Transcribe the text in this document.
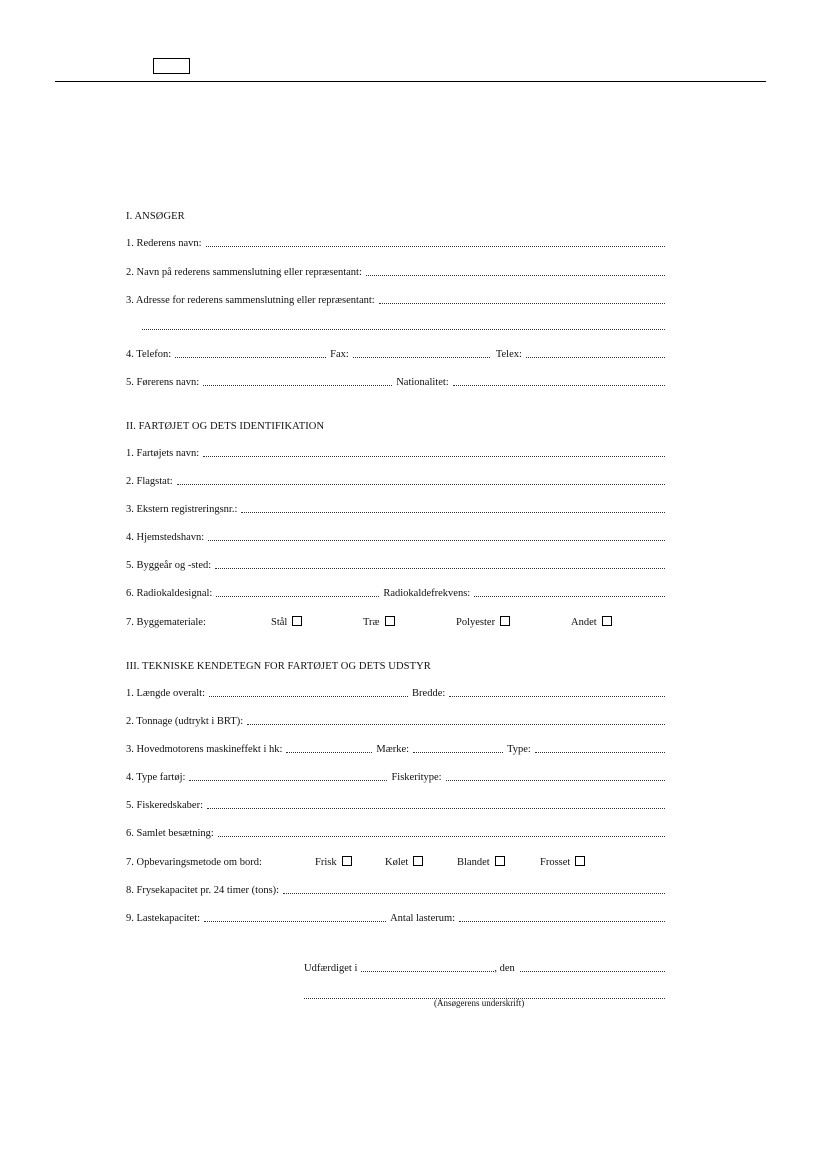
I. ANSØGER
1. Rederens navn:
2. Navn på rederens sammenslutning eller repræsentant:
3. Adresse for rederens sammenslutning eller repræsentant:
4. Telefon:	Fax:	Telex:
5. Førerens navn:	Nationalitet:
II. FARTØJET OG DETS IDENTIFIKATION
1. Fartøjets navn:
2. Flagstat:
3. Ekstern registreringsnr.:
4. Hjemstedshavn:
5. Byggeår og -sted:
6. Radiokaldesignal:	Radiokaldefrekvens:
7. Byggemateriale:	Stål	Træ	Polyester	Andet
III. TEKNISKE KENDETEGN FOR FARTØJET OG DETS UDSTYR
1. Længde overalt:	Bredde:
2. Tonnage (udtrykt i BRT):
3. Hovedmotorens maskineffekt i hk:	Mærke:	Type:
4. Type fartøj:	Fiskeritype:
5. Fiskeredskaber:
6. Samlet besætning:
7. Opbevaringsmetode om bord:	Frisk	Kølet	Blandet	Frosset
8. Frysekapacitet pr. 24 timer (tons):
9. Lastekapacitet:	Antal lasterum:
Udfærdiget i	, den
(Ansøgerens underskrift)
